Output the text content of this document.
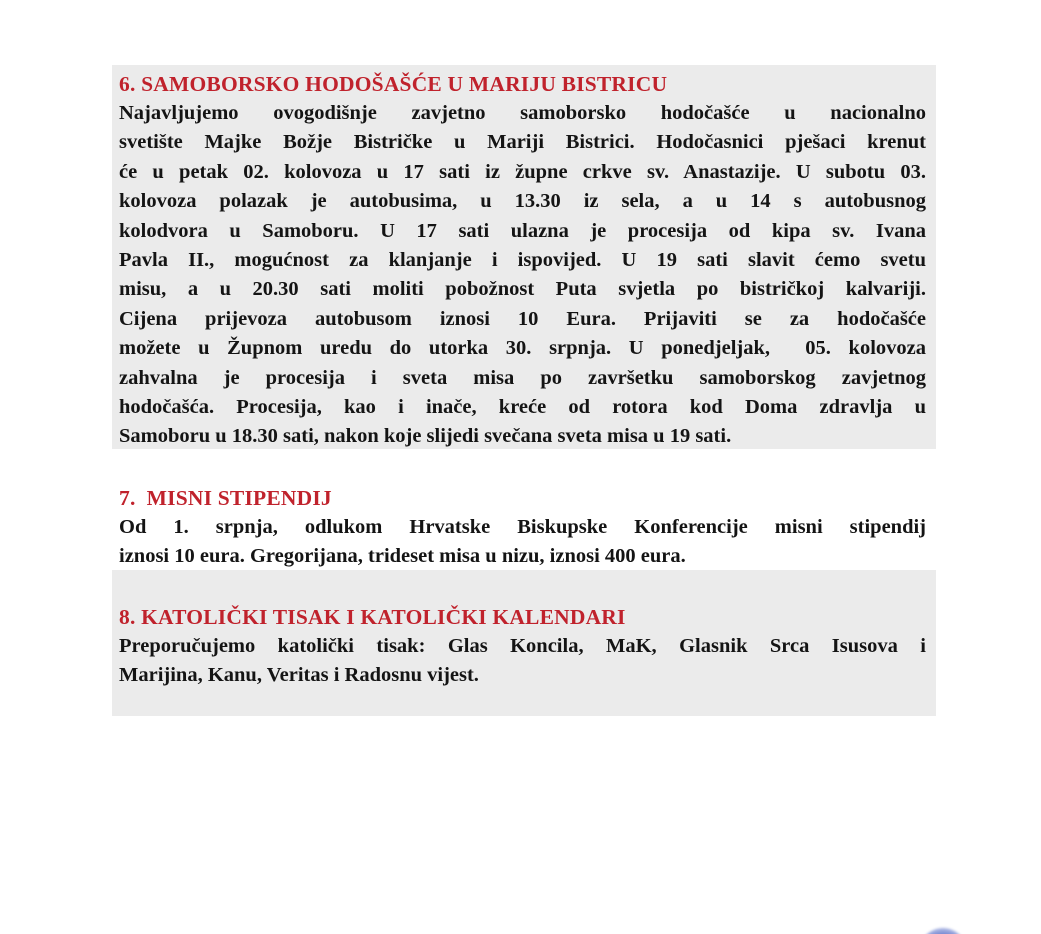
6. SAMOBORSKO HODOŠAŠĆE U MARIJU BISTRICU
Najavljujemo ovogodišnje zavjetno samoborsko hodočašće u nacionalno
svetište Majke Božje Bistričke u Mariji Bistrici. Hodočasnici pješaci krenut
će u petak 02. kolovoza u 17 sati iz župne crkve sv. Anastazije. U subotu 03.
kolovoza polazak je autobusima, u 13.30 iz sela, a u 14 s autobusnog
kolodvora u Samoboru. U 17 sati ulazna je procesija od kipa sv. Ivana
Pavla II., mogućnost za klanjanje i ispovijed. U 19 sati slavit ćemo svetu
misu, a u 20.30 sati moliti pobožnost Puta svjetla po bistričkoj kalvariji.
Cijena prijevoza autobusom iznosi 10 Eura. Prijaviti se za hodočašće
možete u Župnom uredu do utorka 30. srpnja. U ponedjeljak,  05. kolovoza
zahvalna je procesija i sveta misa po završetku samoborskog zavjetnog
hodočašća. Procesija, kao i inače, kreće od rotora kod Doma zdravlja u
Samoboru u 18.30 sati, nakon koje slijedi svečana sveta misa u 19 sati.
7.  MISNI STIPENDIJ
Od 1. srpnja, odlukom Hrvatske Biskupske Konferencije misni stipendij
iznosi 10 eura. Gregorijana, trideset misa u nizu, iznosi 400 eura.
8. KATOLIČKI TISAK I KATOLIČKI KALENDARI
Preporučujemo katolički tisak: Glas Koncila, MaK, Glasnik Srca Isusova i
Marijina, Kanu, Veritas i Radosnu vijest.
